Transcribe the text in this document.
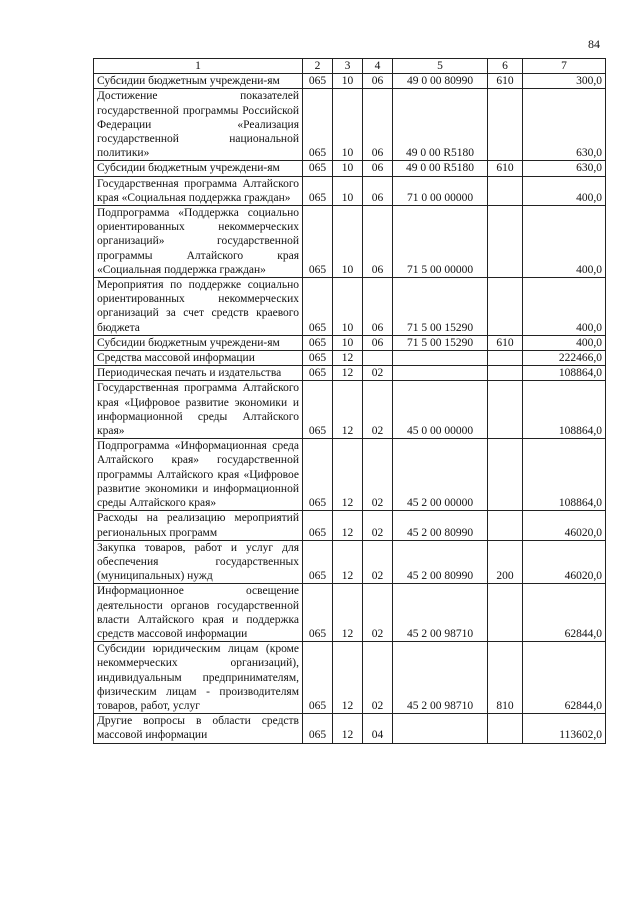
84
1	2	3	4	5	6	7
Субсидии бюджетным учреждени-ям	065	10	06	49 0 00 80990	610	300,0
Достижение показателей государственной программы Российской Федерации «Реализация государственной национальной политики»	065	10	06	49 0 00 R5180		630,0
Субсидии бюджетным учреждени-ям	065	10	06	49 0 00 R5180	610	630,0
Государственная программа Алтайского края «Социальная поддержка граждан»	065	10	06	71 0 00 00000		400,0
Подпрограмма «Поддержка социально ориентированных некоммерческих организаций» государственной программы Алтайского края «Социальная поддержка граждан»	065	10	06	71 5 00 00000		400,0
Мероприятия по поддержке социально ориентированных некоммерческих организаций за счет средств краевого бюджета	065	10	06	71 5 00 15290		400,0
Субсидии бюджетным учреждени-ям	065	10	06	71 5 00 15290	610	400,0
Средства массовой информации	065	12				222466,0
Периодическая печать и издательства	065	12	02			108864,0
Государственная программа Алтайского края «Цифровое развитие экономики и информационной среды Алтайского края»	065	12	02	45 0 00 00000		108864,0
Подпрограмма «Информационная среда Алтайского края» государственной программы Алтайского края «Цифровое развитие экономики и информационной среды Алтайского края»	065	12	02	45 2 00 00000		108864,0
Расходы на реализацию мероприятий региональных программ	065	12	02	45 2 00 80990		46020,0
Закупка товаров, работ и услуг для обеспечения государственных (муниципальных) нужд	065	12	02	45 2 00 80990	200	46020,0
Информационное освещение деятельности органов государственной власти Алтайского края и поддержка средств массовой информации	065	12	02	45 2 00 98710		62844,0
Субсидии юридическим лицам (кроме некоммерческих организаций), индивидуальным предпринимателям, физическим лицам - производителям товаров, работ, услуг	065	12	02	45 2 00 98710	810	62844,0
Другие вопросы в области средств массовой информации	065	12	04			113602,0
